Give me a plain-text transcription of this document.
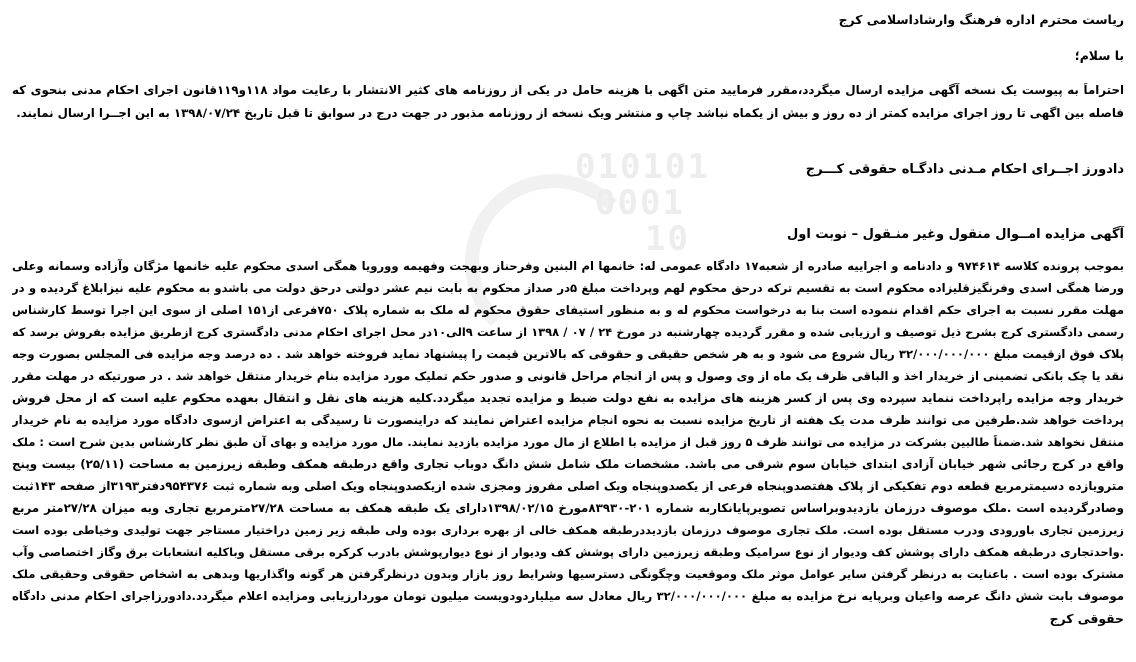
010101
0001
10
ریاست محترم اداره فرهنگ وارشاداسلامی کرج
با سلام؛
احتراماً به پیوست یک نسخه آگهی مزایده ارسال میگردد،مقرر فرمایید متن اگهی با هزینه حامل در یکی از روزنامه های کثیر الانتشار با رعایت مواد ۱۱۸و۱۱۹قانون اجرای احکام مدنی بنحوی که
فاصله بین اگهی تا روز اجرای مزایده کمتر از ده روز و بیش از یکماه نباشد چاپ و منتشر ویک نسخه از روزنامه مذبور در جهت درج در سوابق تا قبل تاریخ ۱۳۹۸/۰۷/۲۴ به این اجــرا ارسال نمایند.
دادورز اجــرای احکام مـدنی دادگـاه حقوقی کـــرج
آگهی مزایده امــوال منقول وغیر منـقول – نوبت اول
بموجب پرونده کلاسه ۹۷۴۶۱۴ و دادنامه و اجراییه صادره از شعبه۱۷ دادگاه عمومی له: خانمها ام البنین وفرحناز وبهجت وفهیمه وورویا همگی اسدی محکوم علیه خانمها مژگان وآزاده وسمانه وعلی
ورضا همگی اسدی وفرنگیزقلیزاده محکوم است به تقسیم ترکه درحق محکوم لهم وپرداخت مبلغ ۵در صداز محکوم به بابت نیم عشر دولتی درحق دولت می باشدو به محکوم علیه نیزابلاغ گردیده و در
مهلت مقرر نسبت به اجرای حکم اقدام ننموده است بنا به درخواست محکوم له و به منظور استیفای حقوق محکوم له ملک به شماره پلاک ۷۵۰فرعی از۱۵۱ اصلی از سوی این اجرا توسط کارشناس
رسمی دادگستری کرج بشرح ذیل توصیف و ارزیابی شده و مقرر گردیده چهارشنبه در مورخ ۲۴ / ۰۷ / ۱۳۹۸ از ساعت ۹الی۱۰در محل اجرای احکام مدنی دادگستری کرج ازطریق مزایده بفروش برسد که
پلاک فوق ازقیمت مبلغ ۳۲/۰۰۰/۰۰۰/۰۰۰ ریال شروع می شود و به هر شخص حقیقی و حقوقی که بالاترین قیمت را پیشنهاد نماید فروخته خواهد شد . ده درصد وجه مزایده فی المجلس بصورت وجه
نقد یا چک بانکی تضمینی از خریدار اخذ و الباقی ظرف یک ماه از وی وصول و پس از انجام مراحل قانونی و صدور حکم تملیک مورد مزایده بنام خریدار منتقل خواهد شد . در صورتیکه در مهلت مقرر
خریدار وجه مزایده راپرداخت ننماید سپرده وی پس از کسر هزینه های مزایده به نفع دولت ضبط و مزایده تجدید میگردد.کلیه هزینه های نقل و انتقال بعهده محکوم علیه است که از محل فروش
پرداخت خواهد شد.طرفین می توانند ظرف مدت یک هفته از تاریخ مزایده نسبت به نحوه انجام مزایده اعتراض نمایند که دراینصورت تا رسیدگی به اعتراض ازسوی دادگاه مورد مزایده به نام خریدار
منتقل نخواهد شد.ضمناً طالبین بشرکت در مزایده می توانند ظرف ۵ روز قبل از مزایده با اطلاع از مال مورد مزایده بازدید نمایند. مال مورد مزایده و بهای آن طبق نظر کارشناس بدین شرح است : ملک
واقع در کرج رجائی شهر خیابان آزادی ابتدای خیابان سوم شرقی می باشد. مشخصات ملک شامل شش دانگ دوباب تجاری واقع درطبقه همکف وطبقه زیرزمین به مساحت (۲۵/۱۱) بیست وپنج
مترویازده دسیمترمربع قطعه دوم تفکیکی از پلاک هفتصدوپنجاه فرعی از یکصدوپنجاه ویک اصلی مفروز ومجزی شده ازیکصدوپنجاه ویک اصلی وبه شماره ثبت ۹۵۴۳۷۶دفتر۳۱۹۳از صفحه ۱۴۳ثبت
وصادرگردیده است .ملک موصوف درزمان بازدیدوبراساس تصویرپایانکاربه شماره ۲۰۱-۸۳۹۳۰مورخ ۱۳۹۸/۰۲/۱۵دارای یک طبقه همکف به مساحت ۲۷/۲۸مترمربع تجاری وبه میزان ۲۷/۲۸متر مربع
زیرزمین تجاری باورودی ودرب مستقل بوده است. ملک تجاری موصوف درزمان بازدیددرطبقه همکف خالی از بهره برداری بوده ولی طبقه زیر زمین دراختیار مستاجر جهت تولیدی وخیاطی بوده است
.واحدتجاری درطبقه همکف دارای پوشش کف ودیوار از نوع سرامیک وطبقه زیرزمین دارای پوشش کف ودیوار از نوع دیوارپوشش بادرب کرکره برقی مستقل وباکلیه انشعابات برق وگاز اختصاصی وآب
مشترک بوده است . باعنایت به درنظر گرفتن سایر عوامل موثر ملک وموقعیت وچگونگی دسترسیها وشرایط روز بازار وبدون درنظرگرفتن هر گونه واگذاریها وبدهی به اشخاص حقوقی وحقیقی ملک
موصوف بابت شش دانگ عرصه واعیان وبرپایه نرخ مزایده به مبلغ ۳۲/۰۰۰/۰۰۰/۰۰۰ ریال معادل سه میلیاردودویست میلیون تومان موردارزیابی ومزایده اعلام میگردد.دادورزاجرای احکام مدنی دادگاه
حقوقی کرج
